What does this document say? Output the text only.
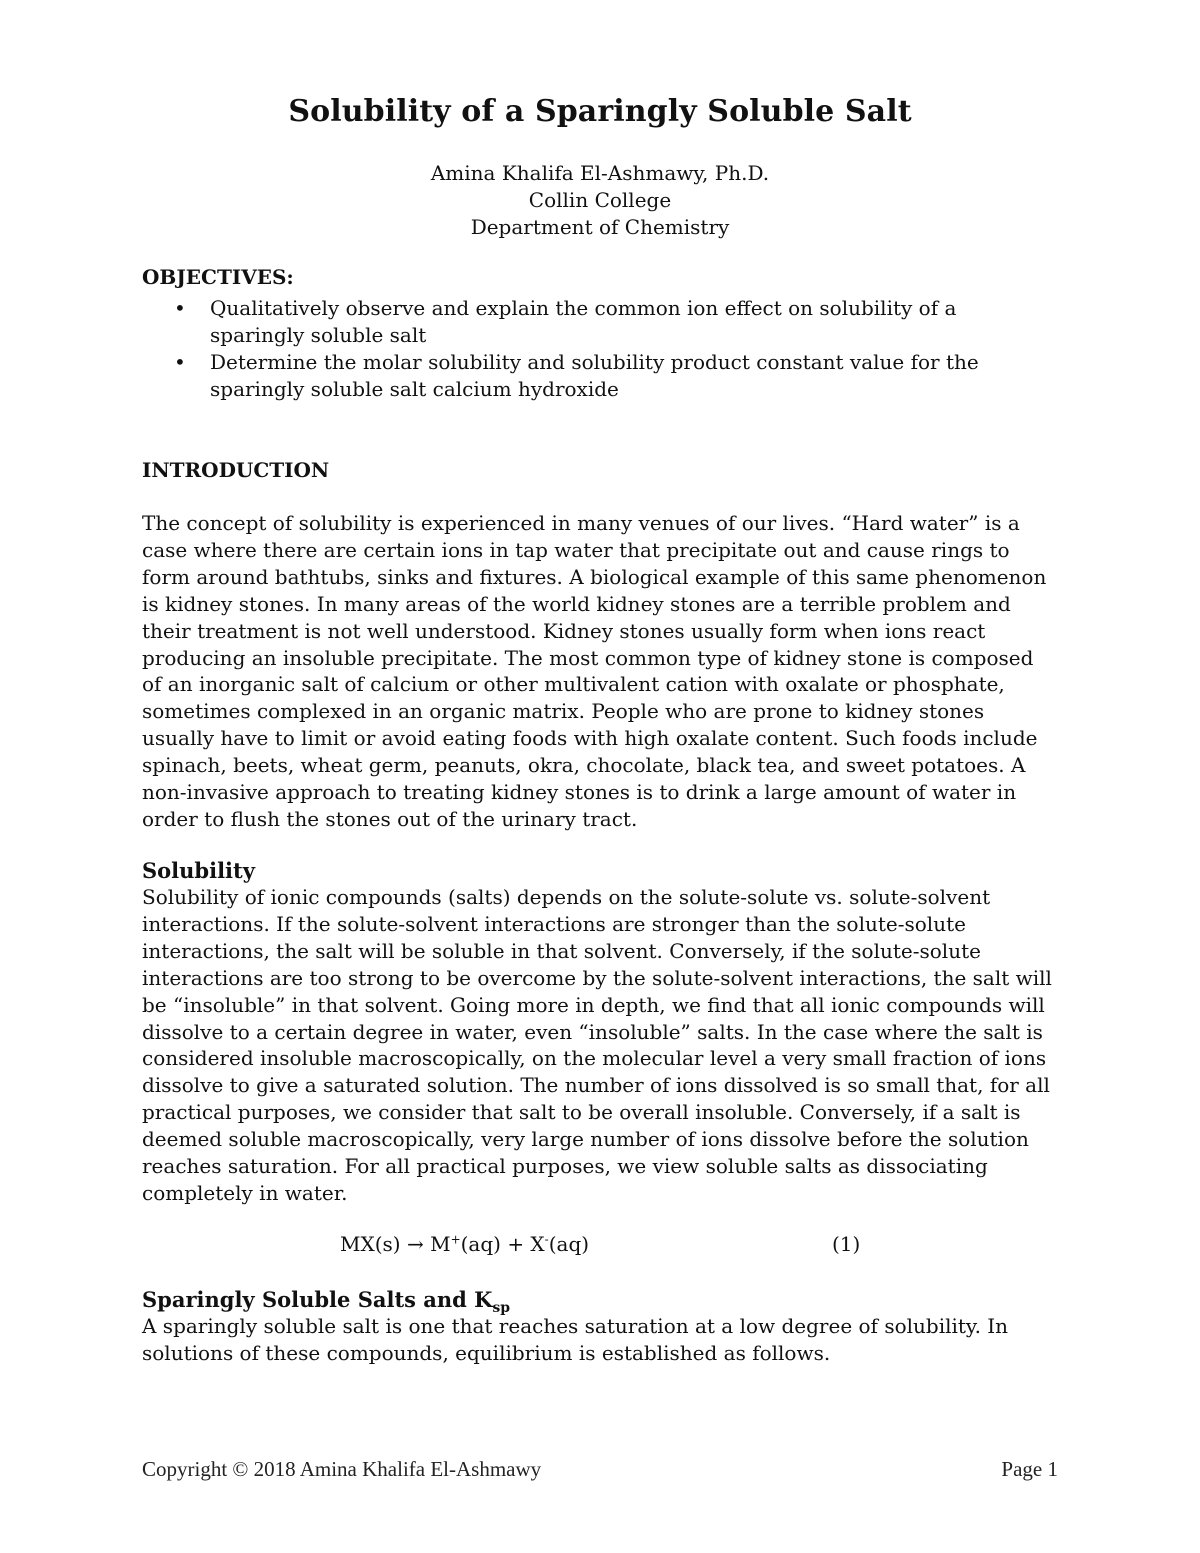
Solubility of a Sparingly Soluble Salt
Amina Khalifa El-Ashmawy, Ph.D.
Collin College
Department of Chemistry
OBJECTIVES:
• Qualitatively observe and explain the common ion effect on solubility of a sparingly soluble salt
• Determine the molar solubility and solubility product constant value for the sparingly soluble salt calcium hydroxide
INTRODUCTION

The concept of solubility is experienced in many venues of our lives. “Hard water” is a case where there are certain ions in tap water that precipitate out and cause rings to form around bathtubs, sinks and fixtures. A biological example of this same phenomenon is kidney stones. In many areas of the world kidney stones are a terrible problem and their treatment is not well understood. Kidney stones usually form when ions react producing an insoluble precipitate. The most common type of kidney stone is composed of an inorganic salt of calcium or other multivalent cation with oxalate or phosphate, sometimes complexed in an organic matrix. People who are prone to kidney stones usually have to limit or avoid eating foods with high oxalate content. Such foods include spinach, beets, wheat germ, peanuts, okra, chocolate, black tea, and sweet potatoes. A non-invasive approach to treating kidney stones is to drink a large amount of water in order to flush the stones out of the urinary tract.

Solubility

Solubility of ionic compounds (salts) depends on the solute-solute vs. solute-solvent interactions. If the solute-solvent interactions are stronger than the solute-solute interactions, the salt will be soluble in that solvent. Conversely, if the solute-solute interactions are too strong to be overcome by the solute-solvent interactions, the salt will be “insoluble” in that solvent. Going more in depth, we find that all ionic compounds will dissolve to a certain degree in water, even “insoluble” salts. In the case where the salt is considered insoluble macroscopically, on the molecular level a very small fraction of ions dissolve to give a saturated solution. The number of ions dissolved is so small that, for all practical purposes, we consider that salt to be overall insoluble. Conversely, if a salt is deemed soluble macroscopically, very large number of ions dissolve before the solution reaches saturation. For all practical purposes, we view soluble salts as dissociating completely in water.

MX(s) → M+(aq) + X-(aq)	(1)
Sparingly Soluble Salts and $K_{sp}$

A sparingly soluble salt is one that reaches saturation at a low degree of solubility. In solutions of these compounds, equilibrium is established as follows.

Copyright © 2018 Amina Khalifa El-Ashmawy	Page 1
